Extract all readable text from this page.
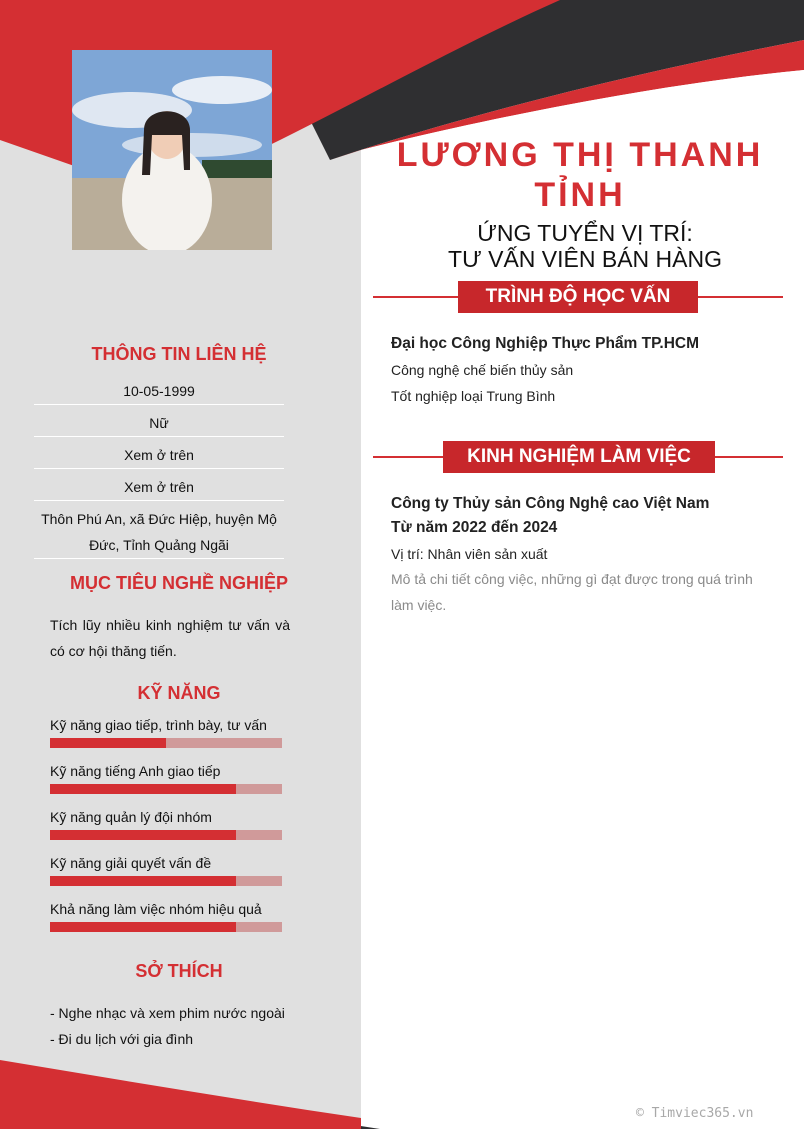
LƯƠNG THỊ THANH TỈNH
ỨNG TUYỂN VỊ TRÍ:
TƯ VẤN VIÊN BÁN HÀNG
TRÌNH ĐỘ HỌC VẤN
Đại học Công Nghiệp Thực Phẩm TP.HCM
Công nghệ chế biến thủy sản
Tốt nghiệp loại Trung Bình
KINH NGHIỆM LÀM VIỆC
Công ty Thủy sản Công Nghệ cao Việt Nam
Từ năm 2022 đến 2024
Vị trí: Nhân viên sản xuất
Mô tả chi tiết công việc, những gì đạt được trong quá trình làm việc.
THÔNG TIN LIÊN HỆ
10-05-1999
Nữ
Xem ở trên
Xem ở trên
Thôn Phú An, xã Đức Hiệp, huyện Mộ Đức, Tỉnh Quảng Ngãi
MỤC TIÊU NGHỀ NGHIỆP
Tích lũy nhiều kinh nghiệm tư vấn và có cơ hội thăng tiến.
KỸ NĂNG
Kỹ năng giao tiếp, trình bày, tư vấn
Kỹ năng tiếng Anh giao tiếp
Kỹ năng quản lý đội nhóm
Kỹ năng giải quyết vấn đề
Khả năng làm việc nhóm hiệu quả
SỞ THÍCH
- Nghe nhạc và xem phim nước ngoài
- Đi du lịch với gia đình
© Timviec365.vn
